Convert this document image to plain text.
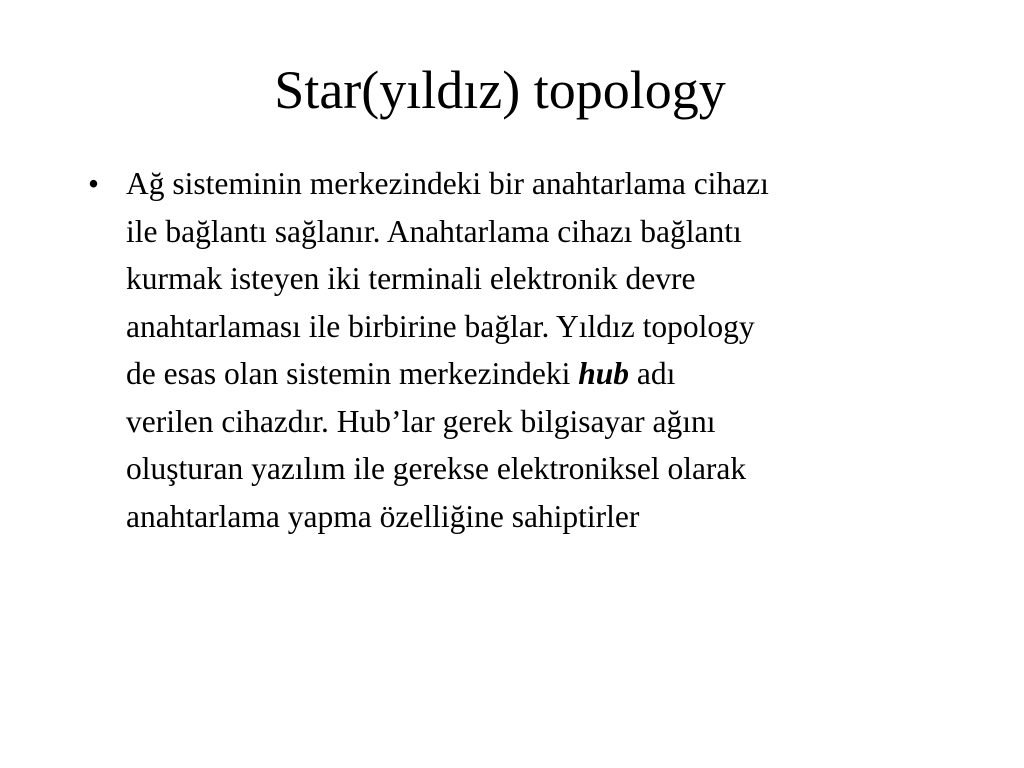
Star(yıldız) topology
• Ağ sisteminin merkezindeki bir anahtarlama cihazı
ile bağlantı sağlanır. Anahtarlama cihazı bağlantı
kurmak isteyen iki terminali elektronik devre
anahtarlaması ile birbirine bağlar. Yıldız topology
de esas olan sistemin merkezindeki hub adı
verilen cihazdır. Hub’lar gerek bilgisayar ağını
oluşturan yazılım ile gerekse elektroniksel olarak
anahtarlama yapma özelliğine sahiptirler
